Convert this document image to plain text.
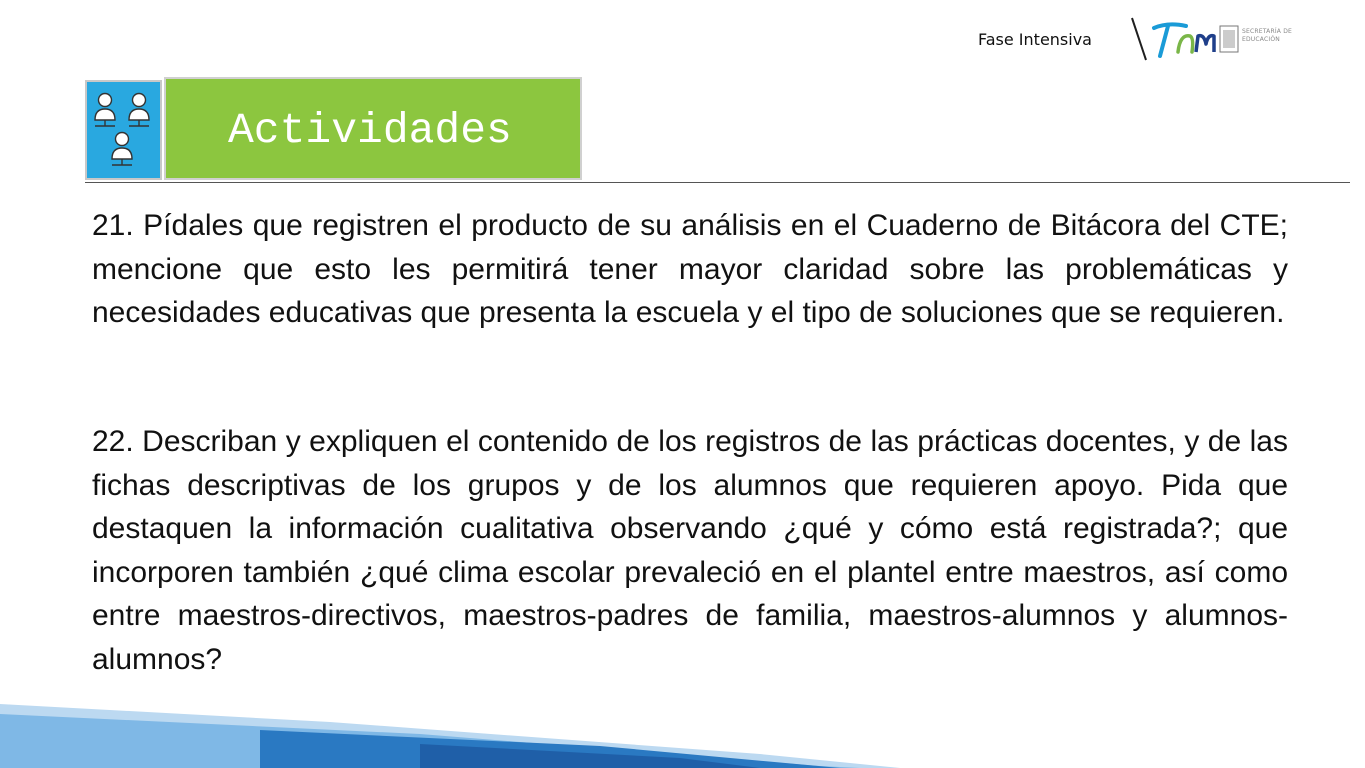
Fase Intensiva	SECRETARÍA DE EDUCACIÓN
Actividades

21. Pídales que registren el producto de su análisis en el Cuaderno de Bitácora del CTE; mencione que esto les permitirá tener mayor claridad sobre las problemáticas y necesidades educativas que presenta la escuela y el tipo de soluciones que se requieren.

22. Describan y expliquen el contenido de los registros de las prácticas docentes, y de las fichas descriptivas de los grupos y de los alumnos que requieren apoyo. Pida que destaquen la información cualitativa observando ¿qué y cómo está registrada?; que incorporen también ¿qué clima escolar prevaleció en el plantel entre maestros, así como entre maestros-directivos, maestros-padres de familia, maestros-alumnos y alumnos-alumnos?
